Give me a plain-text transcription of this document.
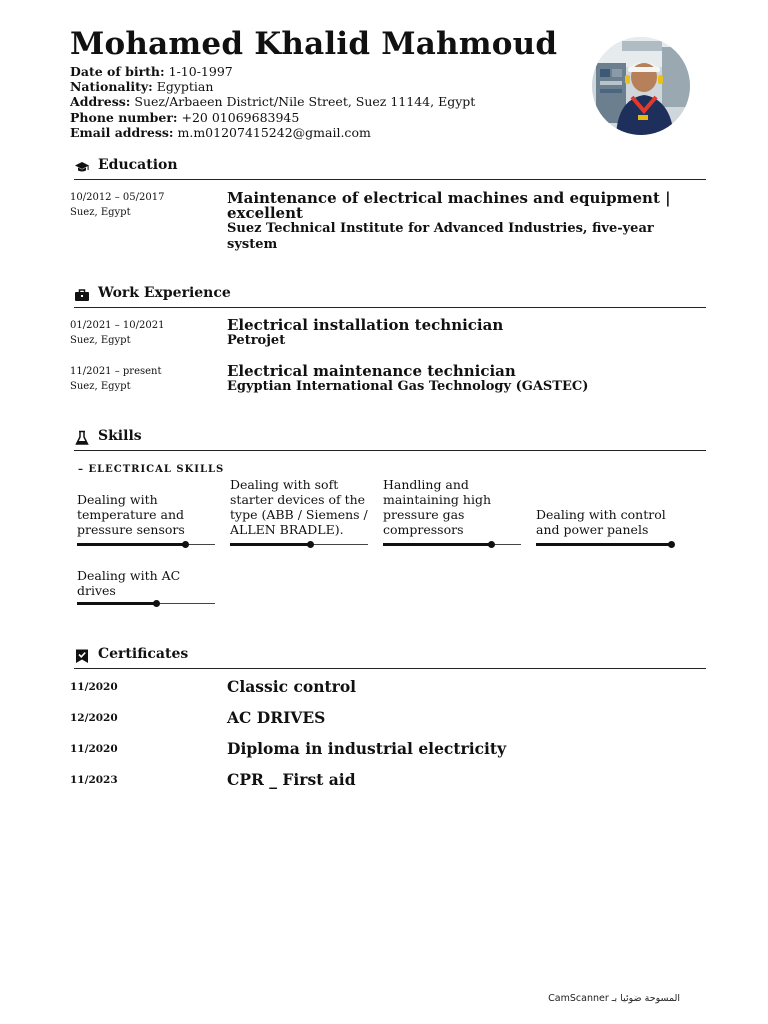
Mohamed Khalid Mahmoud
Date of birth: 1-10-1997
Nationality: Egyptian
Address: Suez/Arbaeen District/Nile Street, Suez 11144, Egypt
Phone number: +20 01069683945
Email address: m.m01207415242@gmail.com
Education
10/2012 – 05/2017
Suez, Egypt
Maintenance of electrical machines and equipment | excellent
Suez Technical Institute for Advanced Industries, five-year system
Work Experience
01/2021 – 10/2021
Suez, Egypt
Electrical installation technician
Petrojet
11/2021 – present
Suez, Egypt
Electrical maintenance technician
Egyptian International Gas Technology (GASTEC)
Skills
– ELECTRICAL SKILLS
Dealing with temperature and pressure sensors
Dealing with soft starter devices of the type (ABB / Siemens / ALLEN BRADLE).
Handling and maintaining high pressure gas compressors
Dealing with control and power panels
Dealing with AC drives
Certificates
11/2020	Classic control
12/2020	AC DRIVES
11/2020	Diploma in industrial electricity
11/2023	CPR _ First aid
CamScanner المسوحة ضوئيا بـ
